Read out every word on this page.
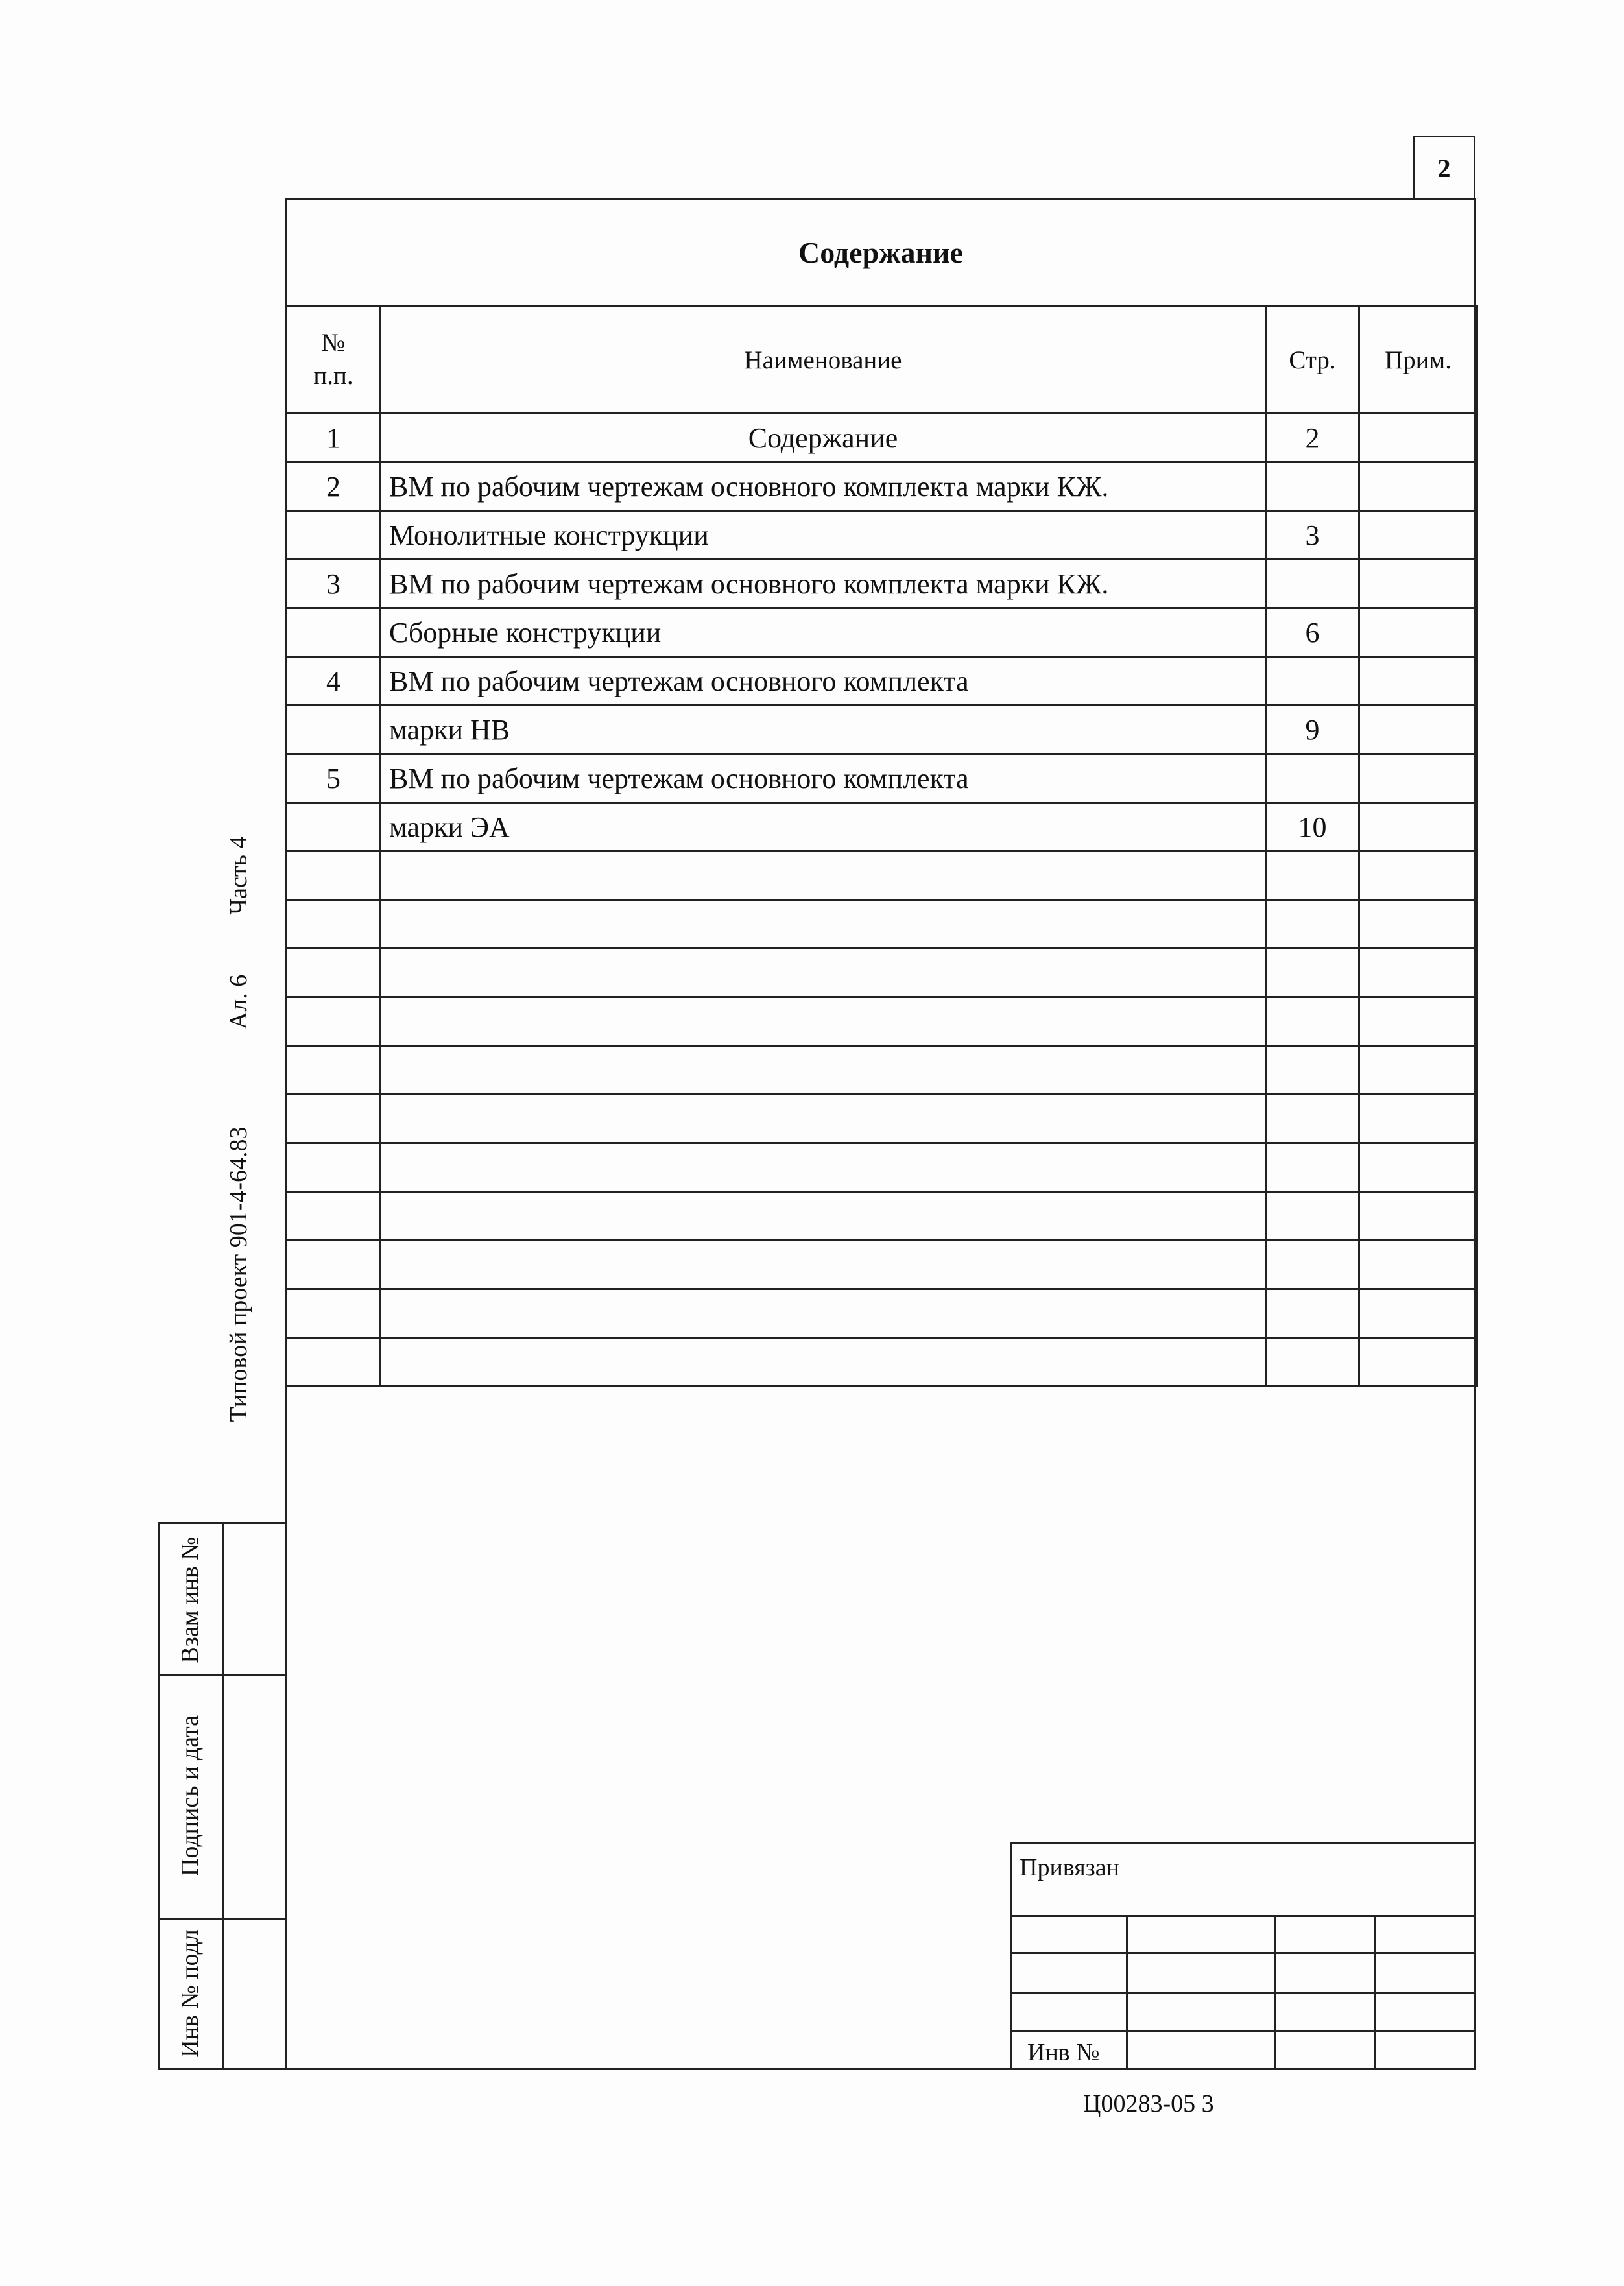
2
Содержание
№
п.п.	Наименование	Стр.	Прим.
1	Содержание	2	
2	ВМ по рабочим чертежам основного комплекта марки КЖ.		
	Монолитные конструкции	3	
3	ВМ по рабочим чертежам основного комплекта марки КЖ.		
	Сборные конструкции	6	
4	ВМ по рабочим чертежам основного комплекта		
	марки НВ	9	
5	ВМ по рабочим чертежам основного комплекта		
	марки ЭА	10	

Типовой проект 901-4-64.83
Ал. 6
Часть 4
Взам инв №
Подпись и дата
Инв № подл
Привязан
Инв №
Ц00283-05 3
